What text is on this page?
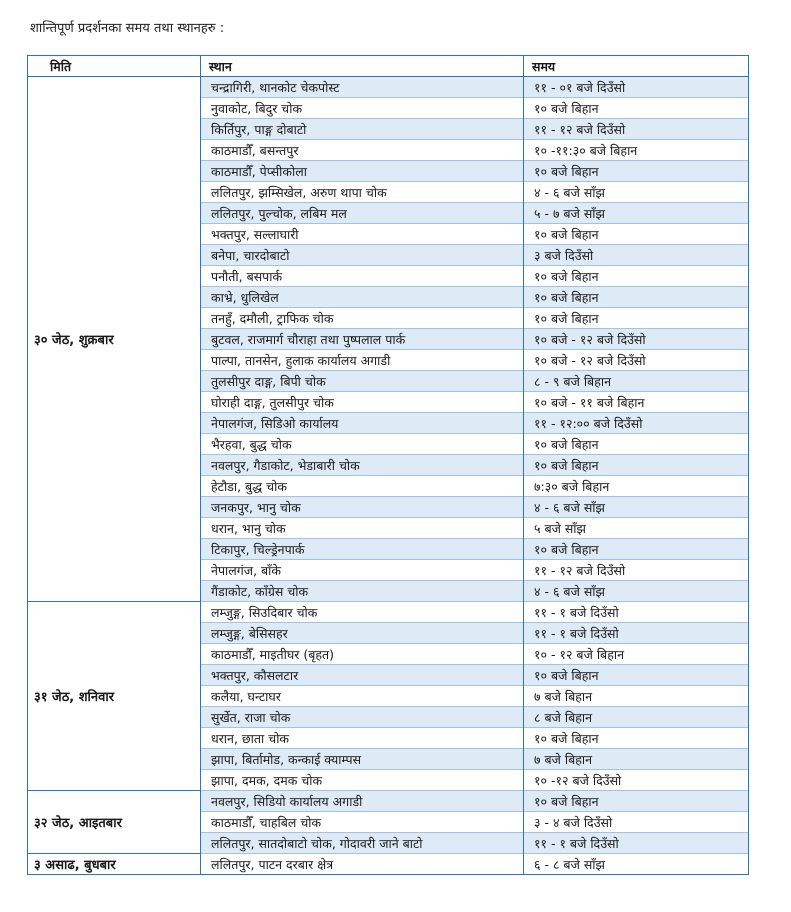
शान्तिपूर्ण प्रदर्शनका समय तथा स्थानहरु :
मिति	स्थान	समय
३० जेठ, शुक्रबार	चन्द्रागिरी, थानकोट चेकपोस्ट	११ - ०१ बजे दिउँसो
	नुवाकोट, बिदुर चोक	१० बजे बिहान
	किर्तिपुर, पाङ्ग दोबाटो	११ - १२ बजे दिउँसो
	काठमाडौँ, बसन्तपुर	१० -११:३० बजे बिहान
	काठमाडौँ, पेप्सीकोला	१० बजे बिहान
	ललितपुर, झम्सिखेल, अरुण थापा चोक	४ - ६ बजे साँझ
	ललितपुर, पुल्चोक, लबिम मल	५ - ७ बजे साँझ
	भक्तपुर, सल्लाघारी	१० बजे बिहान
	बनेपा, चारदोबाटो	३ बजे दिउँसो
	पनौती, बसपार्क	१० बजे बिहान
	काभ्रे, धुलिखेल	१० बजे बिहान
	तनहुँ, दमौली, ट्राफिक चोक	१० बजे बिहान
	बुटवल, राजमार्ग चौराहा तथा पुष्पलाल पार्क	१० बजे - १२ बजे दिउँसो
	पाल्पा, तानसेन, हुलाक कार्यालय अगाडी	१० बजे - १२ बजे दिउँसो
	तुलसीपुर दाङ्ग, बिपी चोक	८ - ९ बजे बिहान
	घोराही दाङ्ग, तुलसीपुर चोक	१० बजे - ११ बजे बिहान
	नेपालगंज, सिडिओ कार्यालय	११ - १२:०० बजे दिउँसो
	भैरहवा, बुद्ध चोक	१० बजे बिहान
	नवलपुर, गैडाकोट, भेडाबारी चोक	१० बजे बिहान
	हेटौडा, बुद्ध चोक	७:३० बजे बिहान
	जनकपुर, भानु चोक	४ - ६ बजे साँझ
	धरान, भानु चोक	५ बजे साँझ
	टिकापुर, चिल्ड्रेनपार्क	१० बजे बिहान
	नेपालगंज, बाँके	११ - १२ बजे दिउँसो
	गैंडाकोट, काँग्रेस चोक	४ - ६ बजे साँझ
३१ जेठ, शनिवार	लम्जुङ्ग, सिउदिबार चोक	११ - १ बजे दिउँसो
	लम्जुङ्ग, बेसिसहर	११ - १ बजे दिउँसो
	काठमाडौँ, माइतीघर (बृहत)	१० - १२ बजे बिहान
	भक्तपुर, कौसलटार	१० बजे बिहान
	कलैया, घन्टाघर	७ बजे बिहान
	सुर्खेत, राजा चोक	८ बजे बिहान
	धरान, छाता चोक	१० बजे बिहान
	झापा, बिर्तामोड, कन्काई क्याम्पस	७ बजे बिहान
	झापा, दमक, दमक चोक	१० -१२ बजे दिउँसो
३२ जेठ, आइतबार	नवलपुर, सिडियो कार्यालय अगाडी	१० बजे बिहान
	काठमाडौँ, चाहबिल चोक	३ - ४ बजे दिउँसो
	ललितपुर, सातदोबाटो चोक, गोदावरी जाने बाटो	११ - १ बजे दिउँसो
३ असाढ, बुधबार	ललितपुर, पाटन दरबार क्षेत्र	६ - ८ बजे साँझ
